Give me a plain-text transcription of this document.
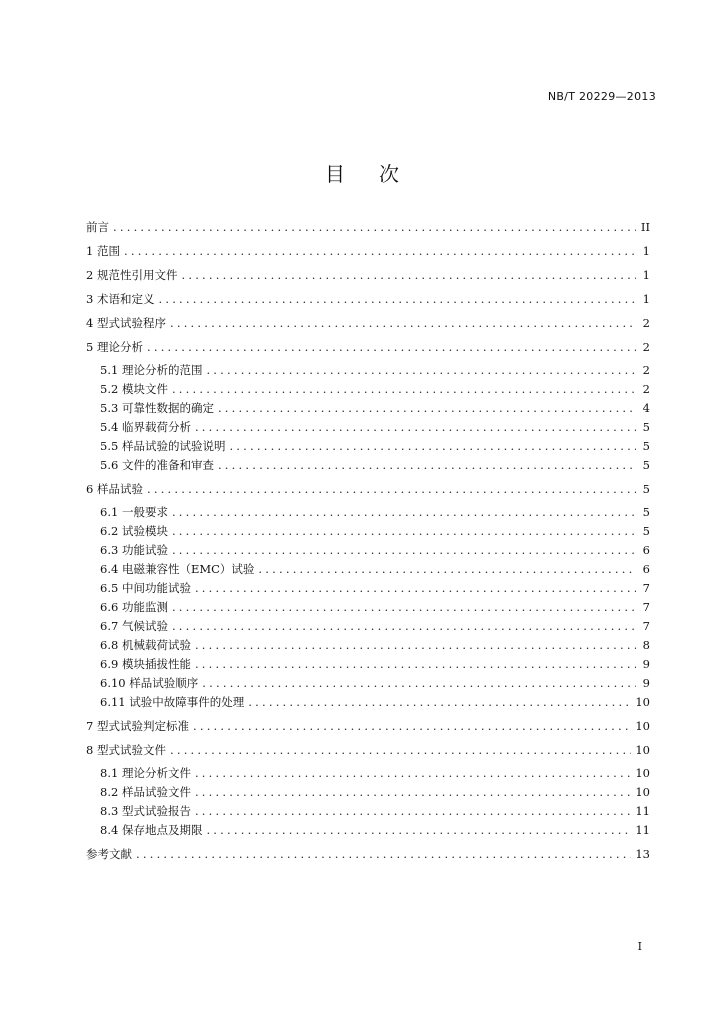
NB/T 20229—2013
目 次
前言 .....	II
1 范围 .....	1
2 规范性引用文件 .....	1
3 术语和定义 .....	1
4 型式试验程序 .....	2
5 理论分析 .....	2
5.1 理论分析的范围 .....	2
5.2 模块文件 .....	2
5.3 可靠性数据的确定 .....	4
5.4 临界载荷分析 .....	5
5.5 样品试验的试验说明 .....	5
5.6 文件的准备和审查 .....	5
6 样品试验 .....	5
6.1 一般要求 .....	5
6.2 试验模块 .....	5
6.3 功能试验 .....	6
6.4 电磁兼容性（EMC）试验 .....	6
6.5 中间功能试验 .....	7
6.6 功能监测 .....	7
6.7 气候试验 .....	7
6.8 机械载荷试验 .....	8
6.9 模块插拔性能 .....	9
6.10 样品试验顺序 .....	9
6.11 试验中故障事件的处理 .....	10
7 型式试验判定标准 .....	10
8 型式试验文件 .....	10
8.1 理论分析文件 .....	10
8.2 样品试验文件 .....	10
8.3 型式试验报告 .....	11
8.4 保存地点及期限 .....	11
参考文献 .....	13
I
